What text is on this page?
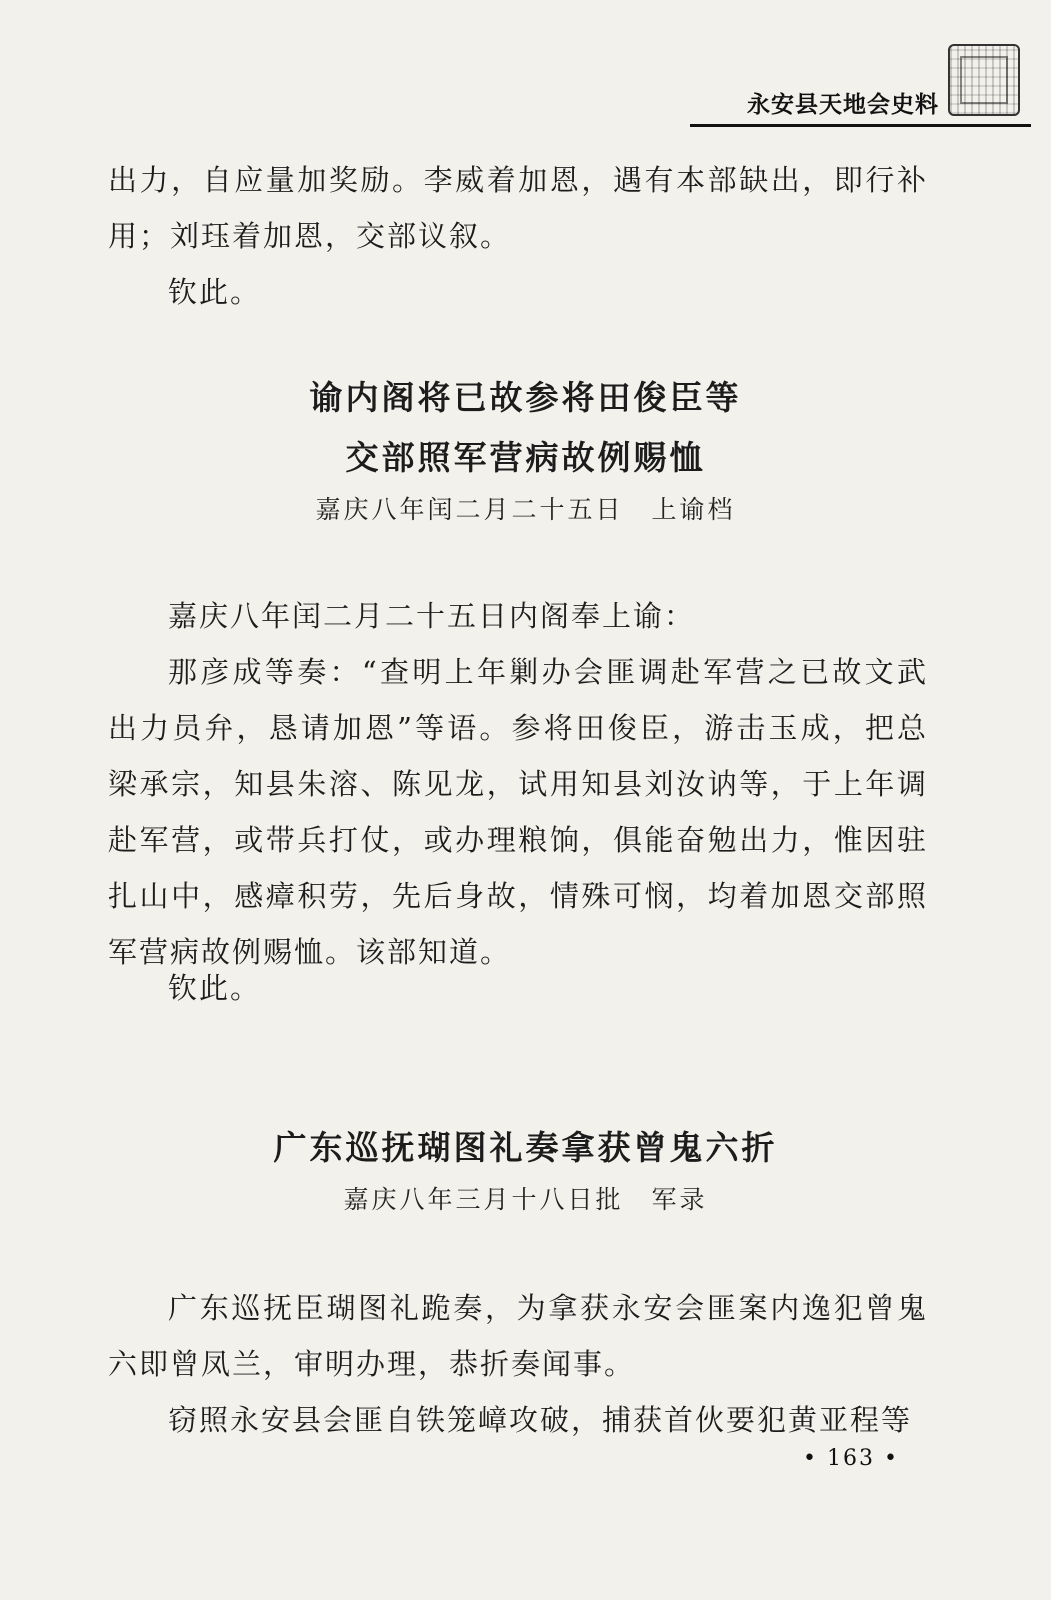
永安县天地会史料

出力，自应量加奖励。李威着加恩，遇有本部缺出，即行补用；刘珏着加恩，交部议叙。

钦此。

谕内阁将已故参将田俊臣等
交部照军营病故例赐恤

嘉庆八年闰二月二十五日　上谕档

嘉庆八年闰二月二十五日内阁奉上谕：

那彦成等奏：“查明上年剿办会匪调赴军营之已故文武出力员弁，恳请加恩”等语。参将田俊臣，游击玉成，把总梁承宗，知县朱溶、陈见龙，试用知县刘汝讷等，于上年调赴军营，或带兵打仗，或办理粮饷，俱能奋勉出力，惟因驻扎山中，感瘴积劳，先后身故，情殊可悯，均着加恩交部照军营病故例赐恤。该部知道。

钦此。

广东巡抚瑚图礼奏拿获曾鬼六折

嘉庆八年三月十八日批　军录

广东巡抚臣瑚图礼跪奏，为拿获永安会匪案内逸犯曾鬼六即曾凤兰，审明办理，恭折奏闻事。

窃照永安县会匪自铁笼嶂攻破，捕获首伙要犯黄亚程等

• 163 •
